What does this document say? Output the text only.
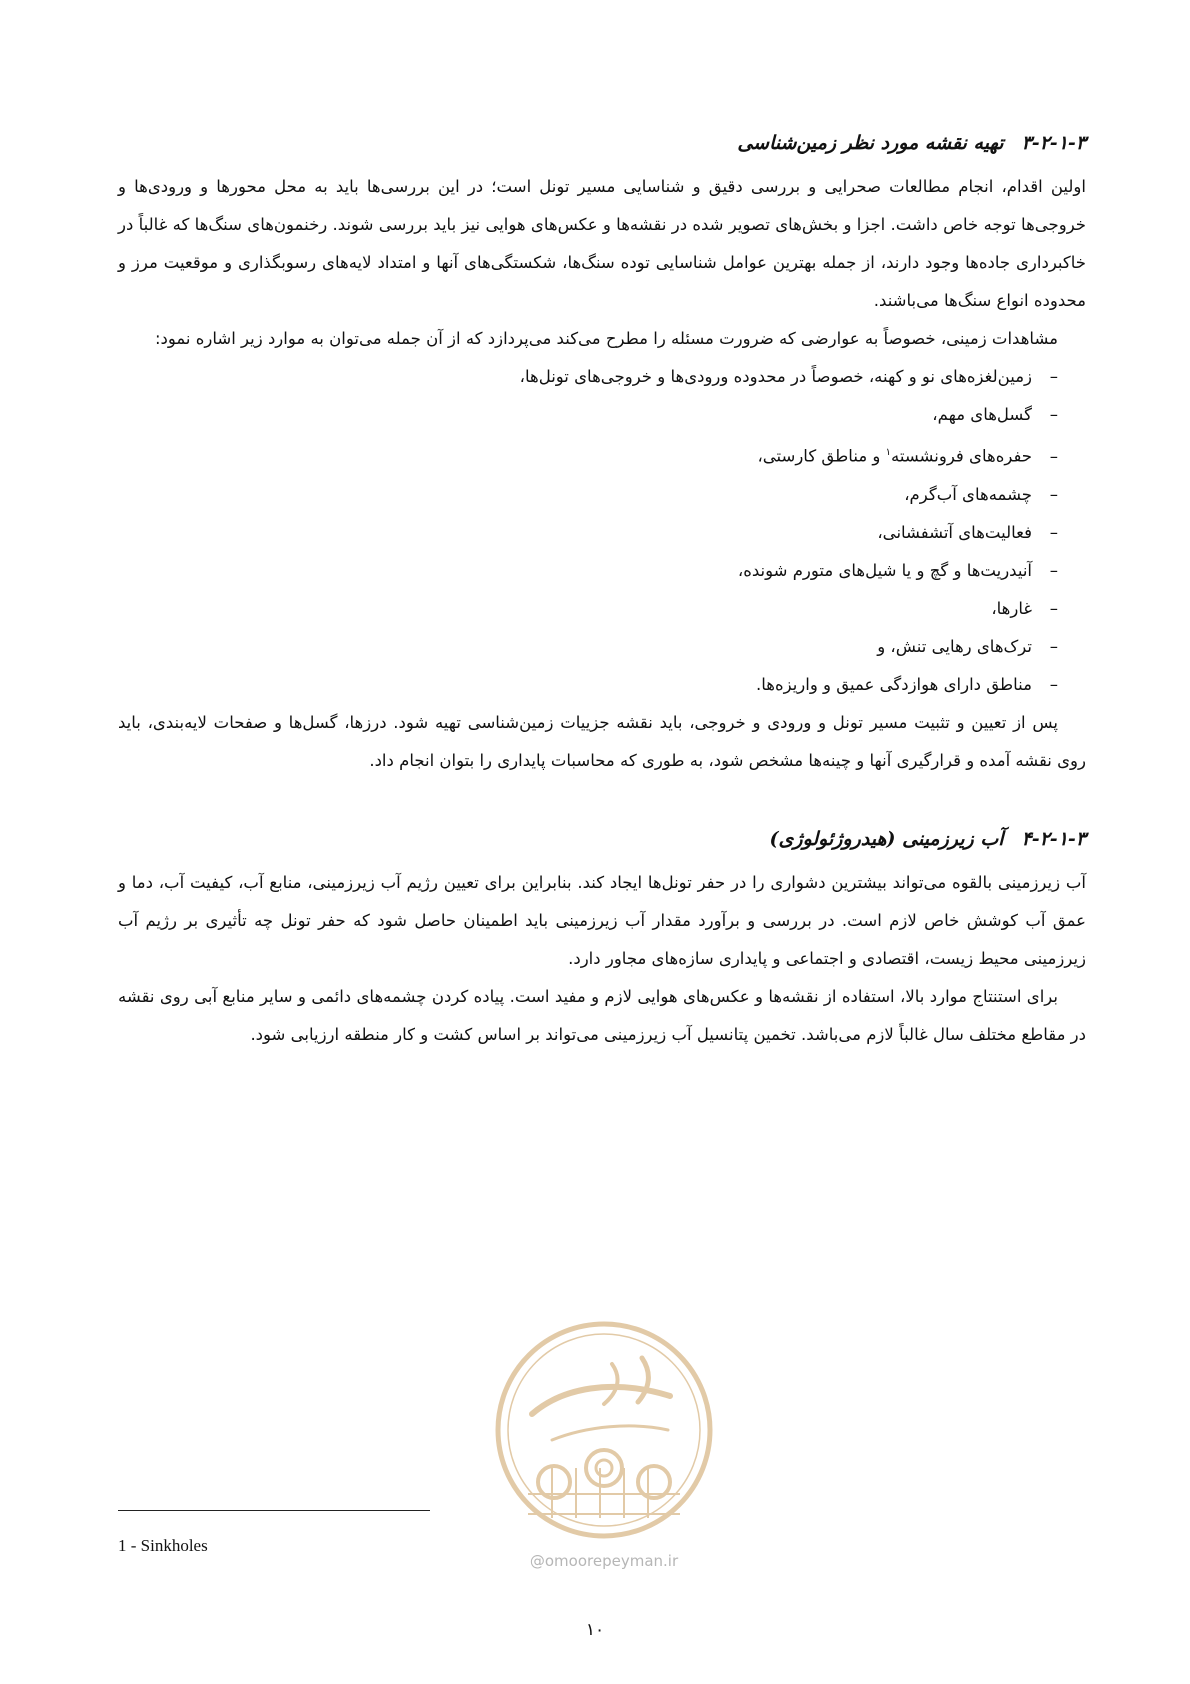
۳-۲-۱-۳تهیه نقشه مورد نظر زمین‌شناسی

اولین اقدام، انجام مطالعات صحرایی و بررسی دقیق و شناسایی مسیر تونل است؛ در این بررسی‌ها باید به محل محورها و ورودی‌ها و خروجی‌ها توجه خاص داشت. اجزا و بخش‌های تصویر شده در نقشه‌ها و عکس‌های هوایی نیز باید بررسی شوند. رخنمون‌های سنگ‌ها که غالباً در خاکبرداری جاده‌ها وجود دارند، از جمله بهترین عوامل شناسایی توده سنگ‌ها، شکستگی‌های آنها و امتداد لایه‌های رسوبگذاری و موقعیت مرز و محدوده انواع سنگ‌ها می‌باشند.

مشاهدات زمینی، خصوصاً به عوارضی که ضرورت مسئله را مطرح می‌کند می‌پردازد که از آن جمله می‌توان به موارد زیر اشاره نمود:

–زمین‌لغزه‌های نو و کهنه، خصوصاً در محدوده ورودی‌ها و خروجی‌های تونل‌ها،
–گسل‌های مهم،
–حفره‌های فرونشسته$^۱$ و مناطق کارستی،
–چشمه‌های آب‌گرم،
–فعالیت‌های آتشفشانی،
–آنیدریت‌ها و گچ و یا شیل‌های متورم شونده،
–غارها،
–ترک‌های رهایی تنش، و
–مناطق دارای هوازدگی عمیق و واریزه‌ها.

پس از تعیین و تثبیت مسیر تونل و ورودی و خروجی، باید نقشه جزییات زمین‌شناسی تهیه شود. درزها، گسل‌ها و صفحات لایه‌بندی، باید روی نقشه آمده و قرارگیری آنها و چینه‌ها مشخص شود، به طوری که محاسبات پایداری را بتوان انجام داد.

۴-۲-۱-۳آب زیرزمینی (هیدروژئولوژی)

آب زیرزمینی بالقوه می‌تواند بیشترین دشواری را در حفر تونل‌ها ایجاد کند. بنابراین برای تعیین رژیم آب زیرزمینی، منابع آب، کیفیت آب، دما و عمق آب کوشش خاص لازم است. در بررسی و برآورد مقدار آب زیرزمینی باید اطمینان حاصل شود که حفر تونل چه تأثیری بر رژیم آب زیرزمینی محیط زیست، اقتصادی و اجتماعی و پایداری سازه‌های مجاور دارد.

برای استنتاج موارد بالا، استفاده از نقشه‌ها و عکس‌های هوایی لازم و مفید است. پیاده کردن چشمه‌های دائمی و سایر منابع آبی روی نقشه در مقاطع مختلف سال غالباً لازم می‌باشد. تخمین پتانسیل آب زیرزمینی می‌تواند بر اساس کشت و کار منطقه ارزیابی شود.

@omoorepeyman.ir
1 - Sinkholes
۱۰
